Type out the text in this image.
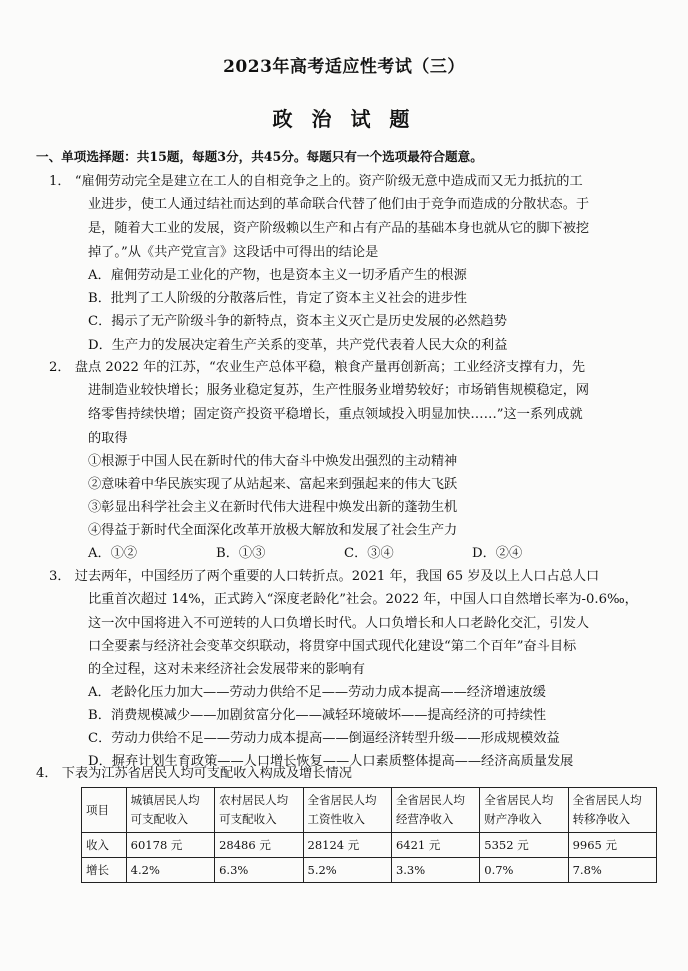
2023年高考适应性考试（三）
政 治 试 题
一、单项选择题：共15题，每题3分，共45分。每题只有一个选项最符合题意。
1． “雇佣劳动完全是建立在工人的自相竞争之上的。资产阶级无意中造成而又无力抵抗的工
业进步，使工人通过结社而达到的革命联合代替了他们由于竞争而造成的分散状态。于
是，随着大工业的发展，资产阶级赖以生产和占有产品的基础本身也就从它的脚下被挖
掉了。”从《共产党宣言》这段话中可得出的结论是
A．雇佣劳动是工业化的产物，也是资本主义一切矛盾产生的根源
B．批判了工人阶级的分散落后性，肯定了资本主义社会的进步性
C．揭示了无产阶级斗争的新特点，资本主义灭亡是历史发展的必然趋势
D．生产力的发展决定着生产关系的变革，共产党代表着人民大众的利益
2． 盘点 2022 年的江苏，“农业生产总体平稳，粮食产量再创新高；工业经济支撑有力，先
进制造业较快增长；服务业稳定复苏，生产性服务业增势较好；市场销售规模稳定，网
络零售持续快增；固定资产投资平稳增长，重点领域投入明显加快……”这一系列成就
的取得
①根源于中国人民在新时代的伟大奋斗中焕发出强烈的主动精神
②意味着中华民族实现了从站起来、富起来到强起来的伟大飞跃
③彰显出科学社会主义在新时代伟大进程中焕发出新的蓬勃生机
④得益于新时代全面深化改革开放极大解放和发展了社会生产力
A．①②	B．①③	C．③④	D．②④
3． 过去两年，中国经历了两个重要的人口转折点。2021 年，我国 65 岁及以上人口占总人口
比重首次超过 14%，正式跨入“深度老龄化”社会。2022 年，中国人口自然增长率为-0.6‰，
这一次中国将进入不可逆转的人口负增长时代。人口负增长和人口老龄化交汇，引发人
口全要素与经济社会变革交织联动，将贯穿中国式现代化建设“第二个百年”奋斗目标
的全过程，这对未来经济社会发展带来的影响有
A．老龄化压力加大——劳动力供给不足——劳动力成本提高——经济增速放缓
B．消费规模减少——加剧贫富分化——减轻环境破坏——提高经济的可持续性
C．劳动力供给不足——劳动力成本提高——倒逼经济转型升级——形成规模效益
D．摒弃计划生育政策——人口增长恢复——人口素质整体提高——经济高质量发展
4． 下表为江苏省居民人均可支配收入构成及增长情况
项目	城镇居民人均可支配收入	农村居民人均可支配收入	全省居民人均工资性收入	全省居民人均经营净收入	全省居民人均财产净收入	全省居民人均转移净收入
收入	60178 元	28486 元	28124 元	6421 元	5352 元	9965 元
增长	4.2%	6.3%	5.2%	3.3%	0.7%	7.8%
